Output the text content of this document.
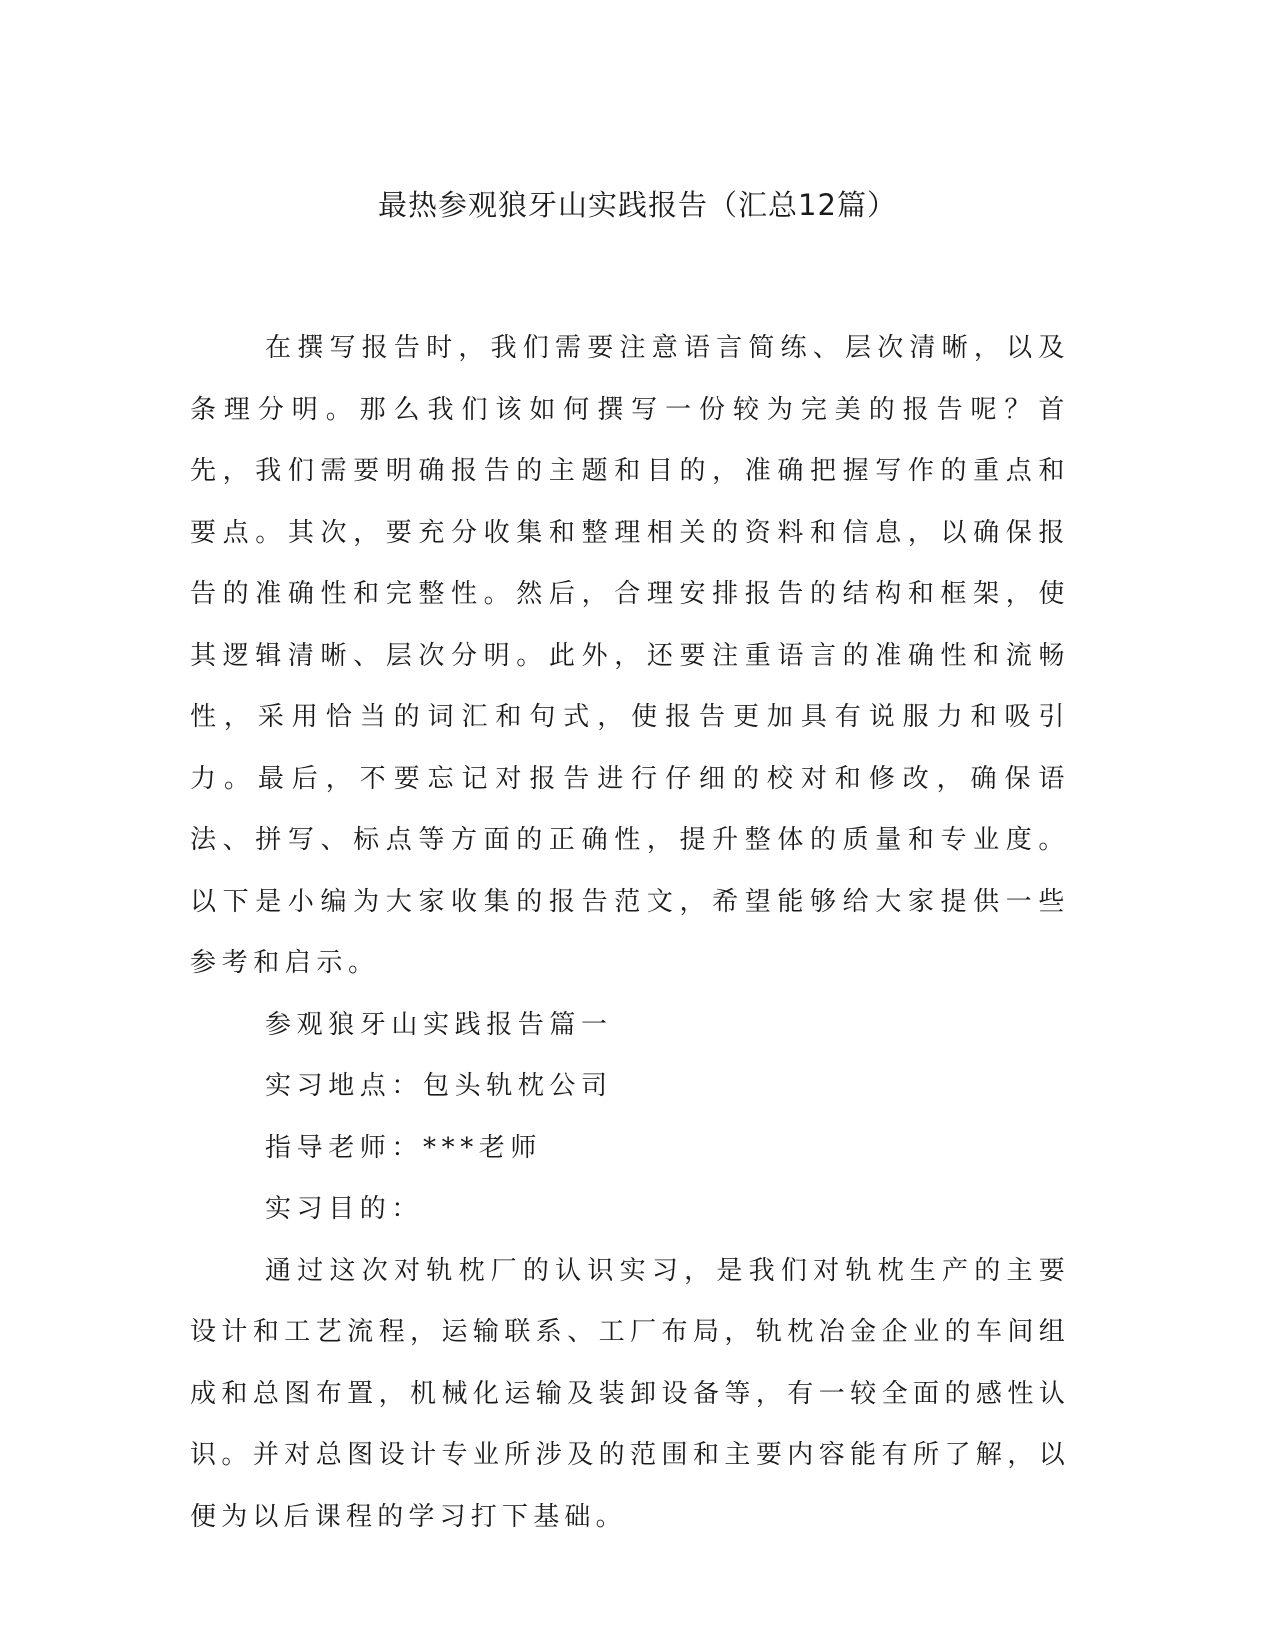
最热参观狼牙山实践报告（汇总12篇）

在撰写报告时，我们需要注意语言简练、层次清晰，以及条理分明。那么我们该如何撰写一份较为完美的报告呢？首先，我们需要明确报告的主题和目的，准确把握写作的重点和要点。其次，要充分收集和整理相关的资料和信息，以确保报告的准确性和完整性。然后，合理安排报告的结构和框架，使其逻辑清晰、层次分明。此外，还要注重语言的准确性和流畅性，采用恰当的词汇和句式，使报告更加具有说服力和吸引力。最后，不要忘记对报告进行仔细的校对和修改，确保语法、拼写、标点等方面的正确性，提升整体的质量和专业度。以下是小编为大家收集的报告范文，希望能够给大家提供一些参考和启示。

参观狼牙山实践报告篇一

实习地点：包头轨枕公司

指导老师：***老师

实习目的：

通过这次对轨枕厂的认识实习，是我们对轨枕生产的主要设计和工艺流程，运输联系、工厂布局，轨枕冶金企业的车间组成和总图布置，机械化运输及装卸设备等，有一较全面的感性认识。并对总图设计专业所涉及的范围和主要内容能有所了解，以便为以后课程的学习打下基础。
